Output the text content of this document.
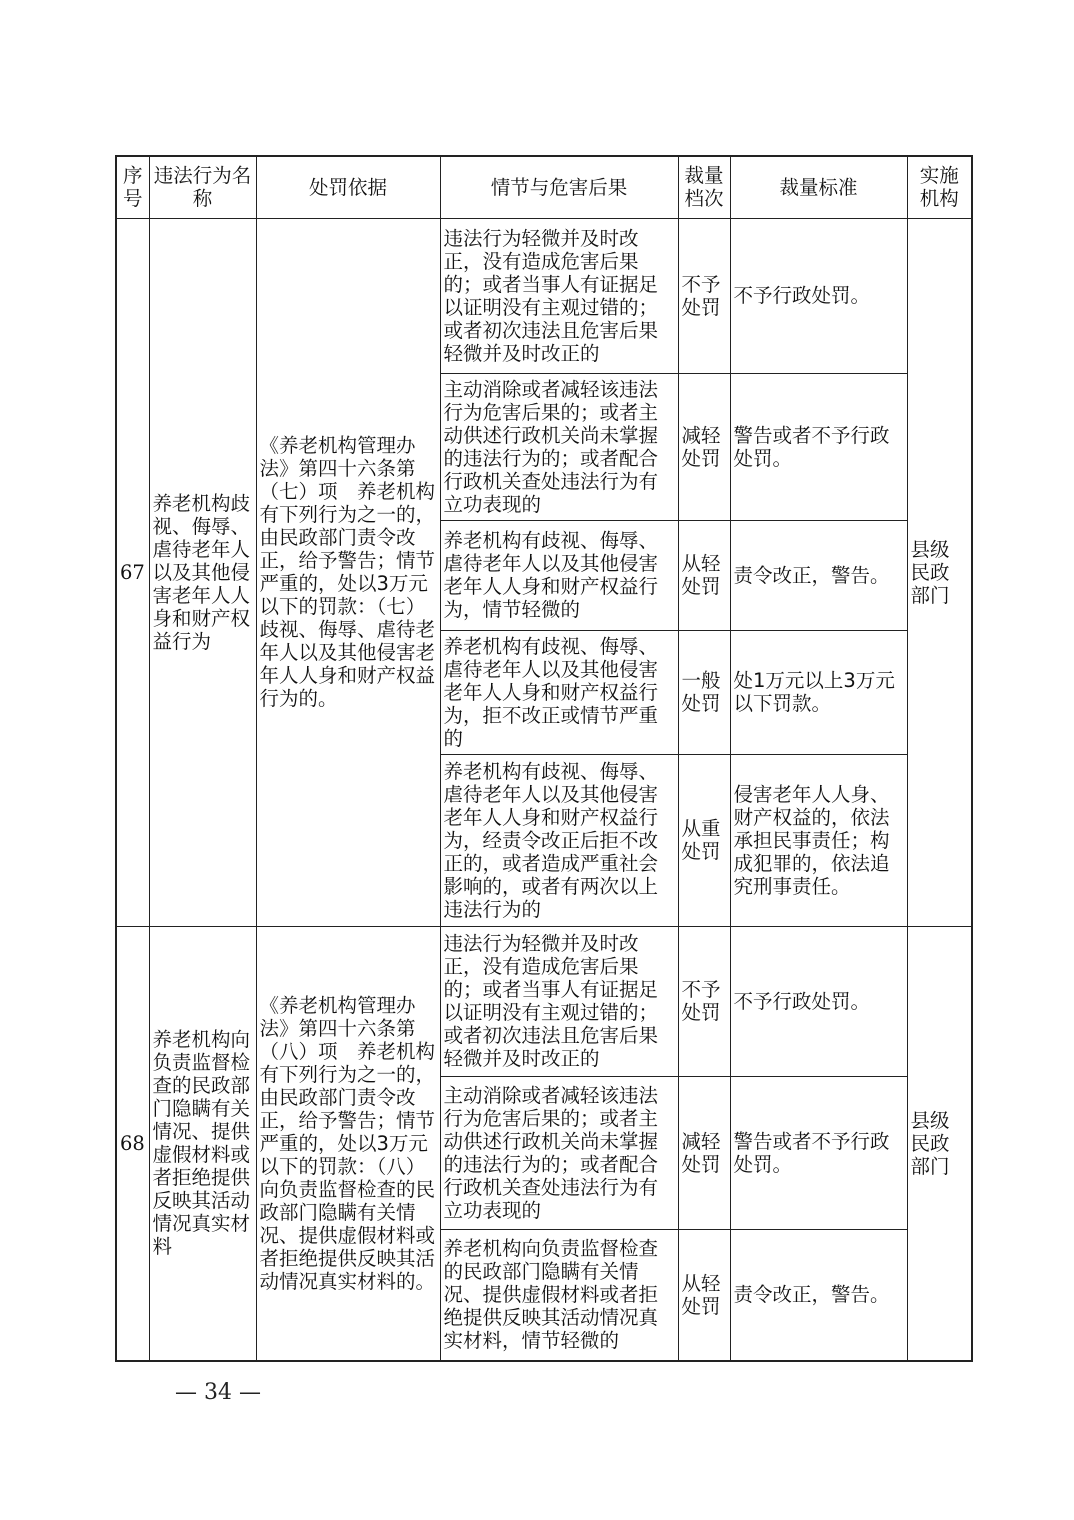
序号	违法行为名称	处罚依据	情节与危害后果	裁量档次	裁量标准	实施机构
67	养老机构歧视、侮辱、虐待老年人以及其他侵害老年人人身和财产权益行为	《养老机构管理办法》第四十六条第（七）项　养老机构有下列行为之一的，由民政部门责令改正，给予警告；情节严重的，处以3万元以下的罚款：（七）歧视、侮辱、虐待老年人以及其他侵害老年人人身和财产权益行为的。	违法行为轻微并及时改正，没有造成危害后果的；或者当事人有证据足以证明没有主观过错的；或者初次违法且危害后果轻微并及时改正的	不予处罚	不予行政处罚。	县级民政部门
			主动消除或者减轻该违法行为危害后果的；或者主动供述行政机关尚未掌握的违法行为的；或者配合行政机关查处违法行为有立功表现的	减轻处罚	警告或者不予行政处罚。	
			养老机构有歧视、侮辱、虐待老年人以及其他侵害老年人人身和财产权益行为，情节轻微的	从轻处罚	责令改正，警告。	
			养老机构有歧视、侮辱、虐待老年人以及其他侵害老年人人身和财产权益行为，拒不改正或情节严重的	一般处罚	处1万元以上3万元以下罚款。	
			养老机构有歧视、侮辱、虐待老年人以及其他侵害老年人人身和财产权益行为，经责令改正后拒不改正的，或者造成严重社会影响的，或者有两次以上违法行为的	从重处罚	侵害老年人人身、财产权益的，依法承担民事责任；构成犯罪的，依法追究刑事责任。	
68	养老机构向负责监督检查的民政部门隐瞒有关情况、提供虚假材料或者拒绝提供反映其活动情况真实材料	《养老机构管理办法》第四十六条第（八）项　养老机构有下列行为之一的，由民政部门责令改正，给予警告；情节严重的，处以3万元以下的罚款：（八）向负责监督检查的民政部门隐瞒有关情况、提供虚假材料或者拒绝提供反映其活动情况真实材料的。	违法行为轻微并及时改正，没有造成危害后果的；或者当事人有证据足以证明没有主观过错的；或者初次违法且危害后果轻微并及时改正的	不予处罚	不予行政处罚。	县级民政部门
			主动消除或者减轻该违法行为危害后果的；或者主动供述行政机关尚未掌握的违法行为的；或者配合行政机关查处违法行为有立功表现的	减轻处罚	警告或者不予行政处罚。	
			养老机构向负责监督检查的民政部门隐瞒有关情况、提供虚假材料或者拒绝提供反映其活动情况真实材料，情节轻微的	从轻处罚	责令改正，警告。	
— 34 —
